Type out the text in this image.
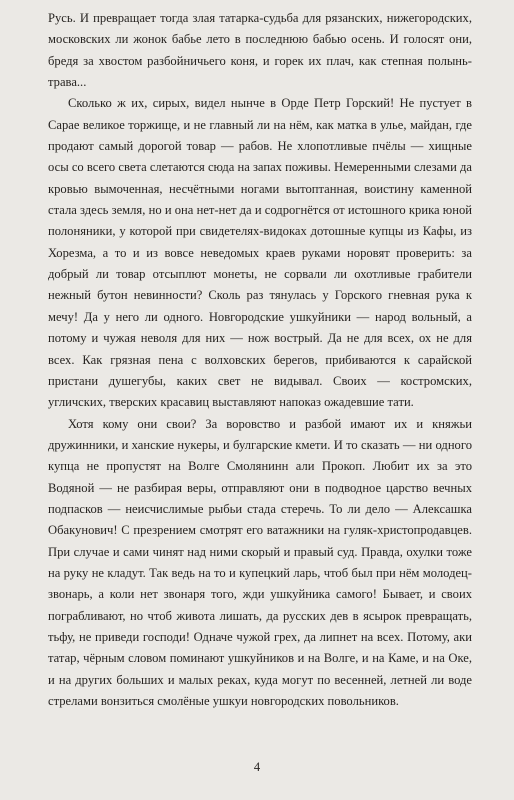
Русь. И превращает тогда злая татарка-судьба для рязанских, нижегородских, московских ли жонок бабье лето в последнюю бабью осень. И голосят они, бредя за хвостом разбойничьего коня, и горек их плач, как степная полынь-трава...

Сколько ж их, сирых, видел нынче в Орде Петр Горский! Не пустует в Сарае великое торжище, и не главный ли на нём, как матка в улье, майдан, где продают самый дорогой товар — рабов. Не хлопотливые пчёлы — хищные осы со всего света слетаются сюда на запах поживы. Немеренными слезами да кровью вымоченная, несчётными ногами вытоптанная, воистину каменной стала здесь земля, но и она нет-нет да и содрогнётся от истошного крика юной полоняники, у которой при свидетелях-видоках дотошные купцы из Кафы, из Хорезма, а то и из вовсе неведомых краев руками норовят проверить: за добрый ли товар отсыплют монеты, не сорвали ли охотливые грабители нежный бутон невинности? Сколь раз тянулась у Горского гневная рука к мечу! Да у него ли одного. Новгородские ушкуйники — народ вольный, а потому и чужая неволя для них — нож вострый. Да не для всех, ох не для всех. Как грязная пена с волховских берегов, прибиваются к сарайской пристани душегубы, каких свет не видывал. Своих — костромских, угличских, тверских красавиц выставляют напоказ ожадевшие тати.

Хотя кому они свои? За воровство и разбой имают их и княжьи дружинники, и ханские нукеры, и булгарские кмети. И то сказать — ни одного купца не пропустят на Волге Смолянинн али Прокоп. Любит их за это Водяной — не разбирая веры, отправляют они в подводное царство вечных подпасков — неисчислимые рыбьи стада стеречь. То ли дело — Алексашка Обакунович! С презрением смотрят его ватажники на гуляк-христопродавцев. При случае и сами чинят над ними скорый и правый суд. Правда, охулки тоже на руку не кладут. Так ведь на то и купецкий ларь, чтоб был при нём молодец-звонарь, а коли нет звонаря того, жди ушкуйника самого! Бывает, и своих пограбливают, но чтоб живота лишать, да русских дев в ясырок превращать, тьфу, не приведи господи! Одначе чужой грех, да липнет на всех. Потому, аки татар, чёрным словом поминают ушкуйников и на Волге, и на Каме, и на Оке, и на других больших и малых реках, куда могут по весенней, летней ли воде стрелами вонзиться смолёные ушкуи новгородских повольников.

4
